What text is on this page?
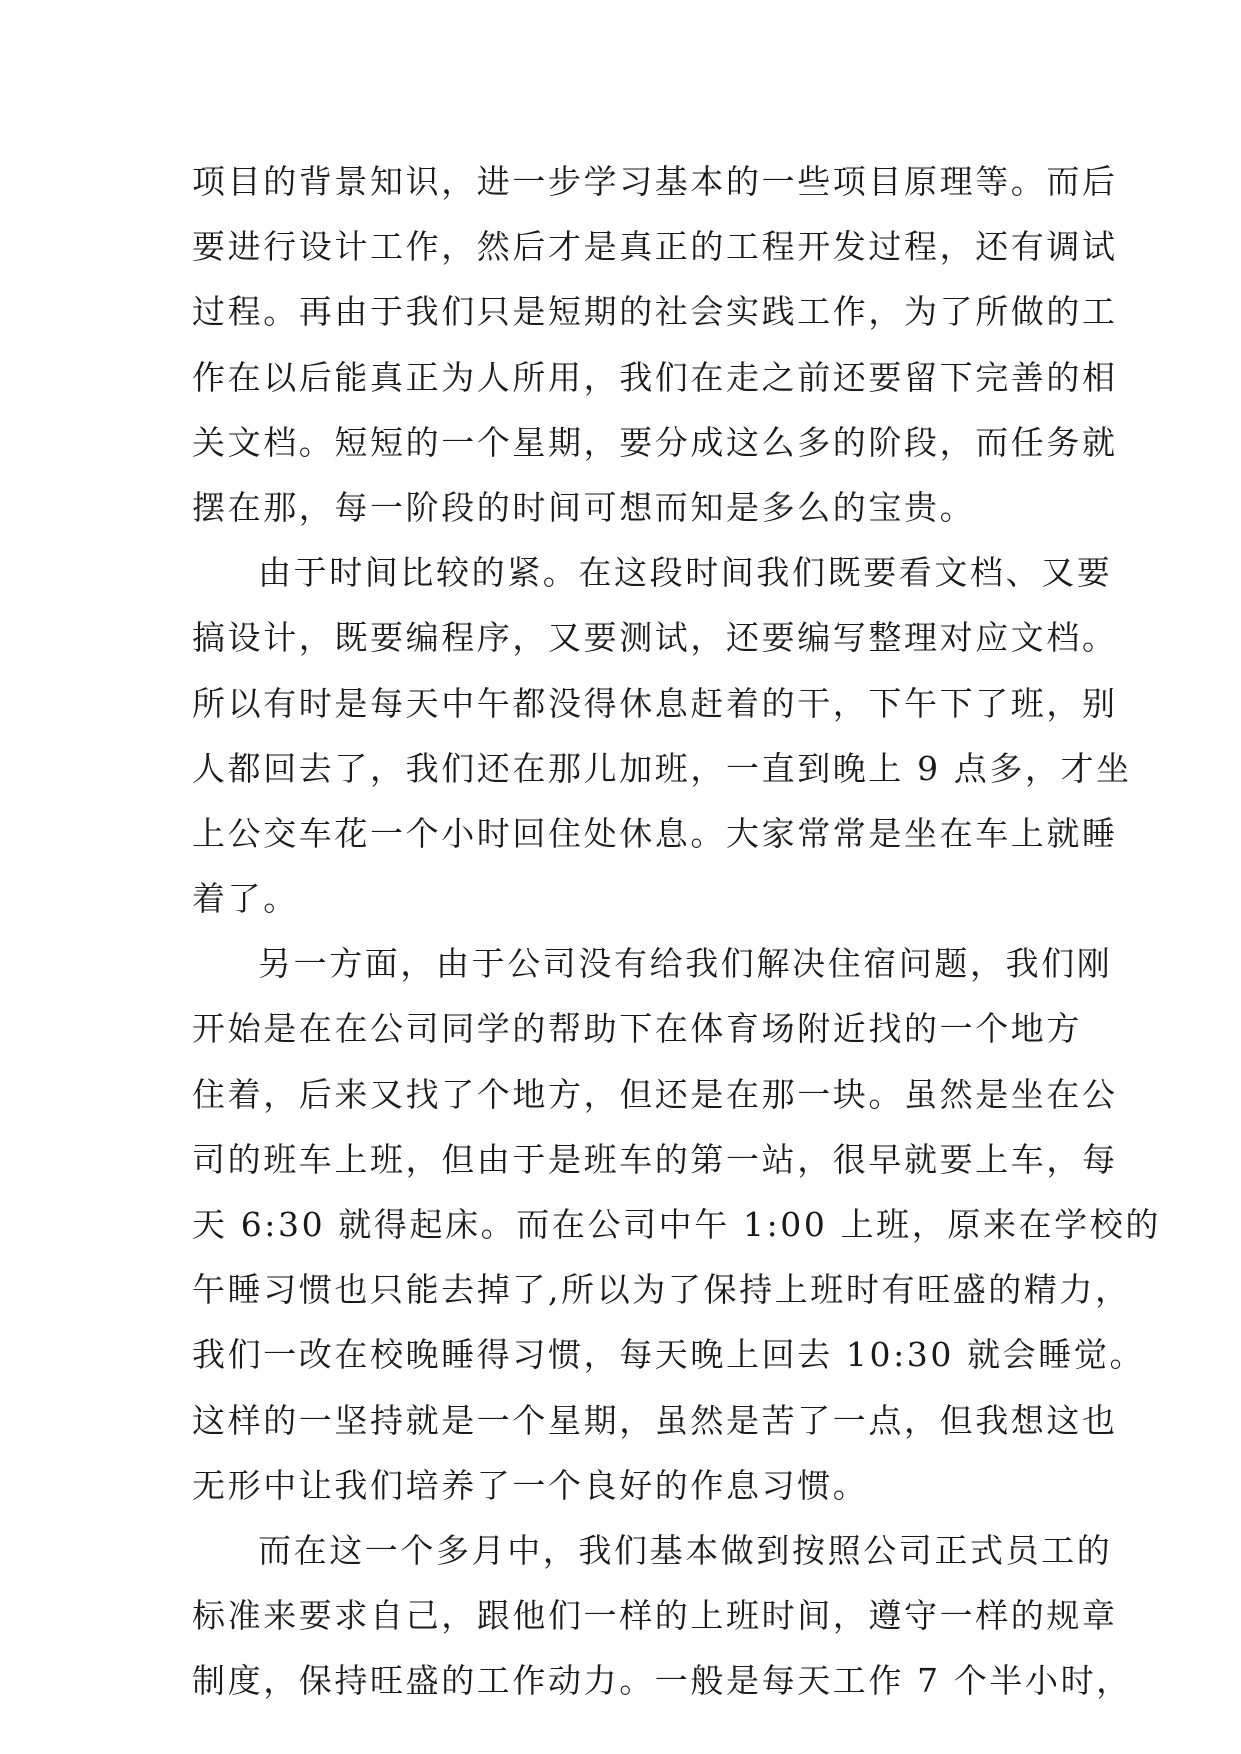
项目的背景知识，进一步学习基本的一些项目原理等。而后
要进行设计工作，然后才是真正的工程开发过程，还有调试
过程。再由于我们只是短期的社会实践工作，为了所做的工
作在以后能真正为人所用，我们在走之前还要留下完善的相
关文档。短短的一个星期，要分成这么多的阶段，而任务就
摆在那，每一阶段的时间可想而知是多么的宝贵。
由于时间比较的紧。在这段时间我们既要看文档、又要
搞设计，既要编程序，又要测试，还要编写整理对应文档。
所以有时是每天中午都没得休息赶着的干，下午下了班，别
人都回去了，我们还在那儿加班，一直到晚上 9 点多，才坐
上公交车花一个小时回住处休息。大家常常是坐在车上就睡
着了。
另一方面，由于公司没有给我们解决住宿问题，我们刚
开始是在在公司同学的帮助下在体育场附近找的一个地方
住着，后来又找了个地方，但还是在那一块。虽然是坐在公
司的班车上班，但由于是班车的第一站，很早就要上车，每
天 6:30 就得起床。而在公司中午 1:00 上班，原来在学校的
午睡习惯也只能去掉了,所以为了保持上班时有旺盛的精力，
我们一改在校晚睡得习惯，每天晚上回去 10:30 就会睡觉。
这样的一坚持就是一个星期，虽然是苦了一点，但我想这也
无形中让我们培养了一个良好的作息习惯。
而在这一个多月中，我们基本做到按照公司正式员工的
标准来要求自己，跟他们一样的上班时间，遵守一样的规章
制度，保持旺盛的工作动力。一般是每天工作 7 个半小时，
